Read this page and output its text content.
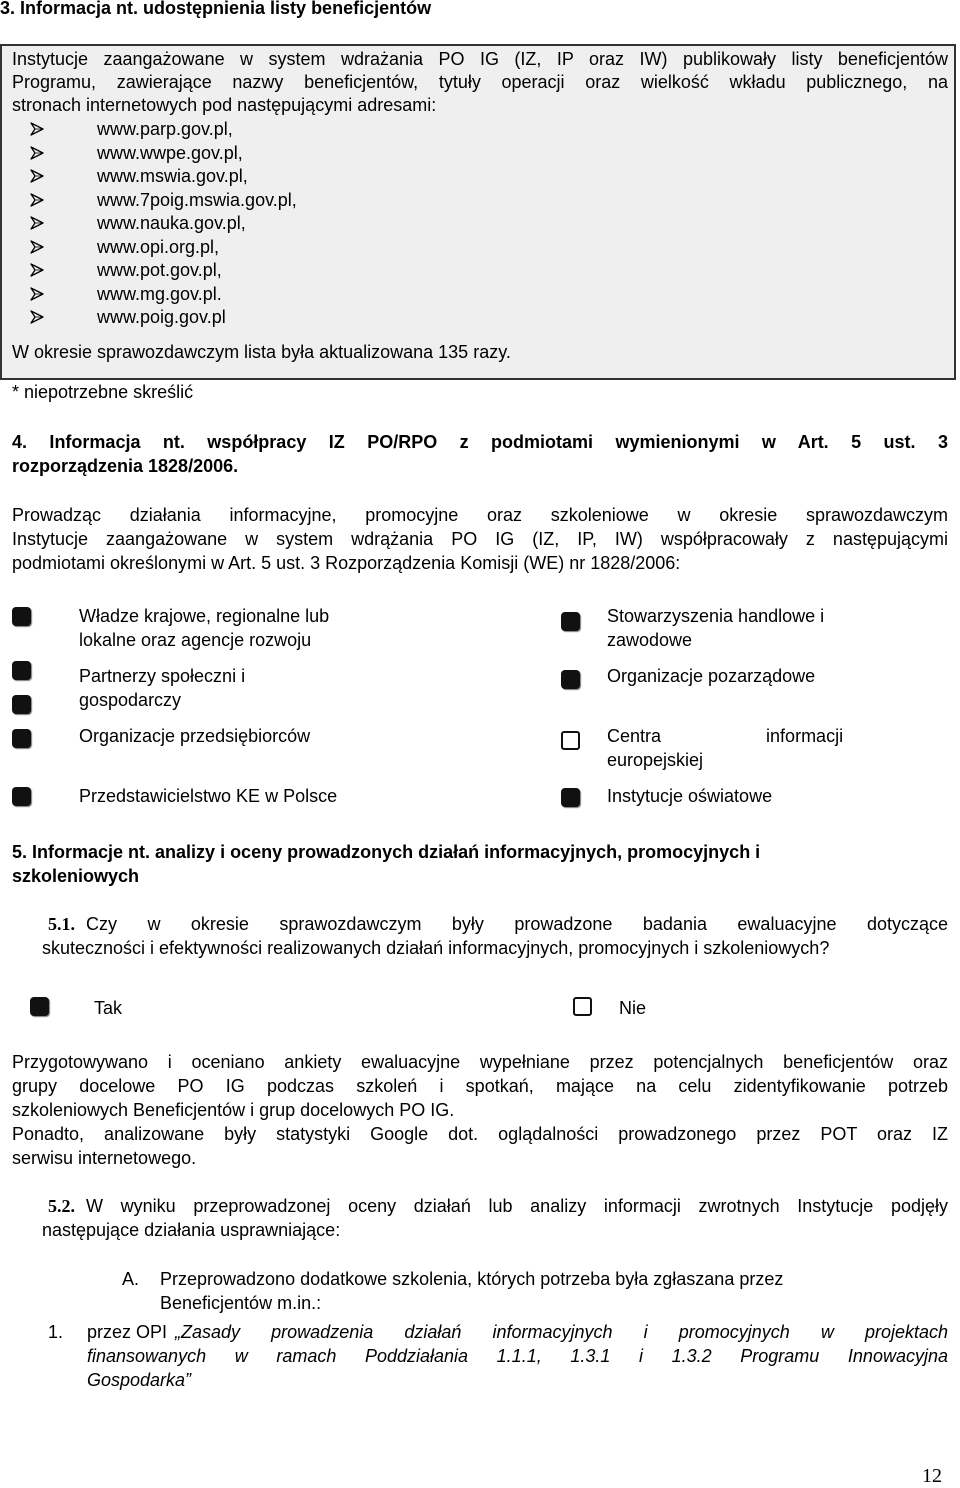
3. Informacja nt. udostępnienia listy beneficjentów
Instytucje zaangażowane w system wdrażania PO IG (IZ, IP oraz IW) publikowały listy beneficjentów
Programu, zawierające nazwy beneficjentów, tytuły operacji oraz wielkość wkładu publicznego, na
stronach internetowych pod następującymi adresami:
www.parp.gov.pl,
www.wwpe.gov.pl,
www.mswia.gov.pl,
www.7poig.mswia.gov.pl,
www.nauka.gov.pl,
www.opi.org.pl,
www.pot.gov.pl,
www.mg.gov.pl.
www.poig.gov.pl
W okresie sprawozdawczym lista była aktualizowana 135 razy.
* niepotrzebne skreślić
4. Informacja nt. współpracy IZ PO/RPO z podmiotami wymienionymi w Art. 5 ust. 3
rozporządzenia 1828/2006.
Prowadząc działania informacyjne, promocyjne oraz szkoleniowe w okresie sprawozdawczym
Instytucje zaangażowane w system wdrążania PO IG (IZ, IP, IW) współpracowały z następującymi
podmiotami określonymi w Art. 5 ust. 3 Rozporządzenia Komisji (WE) nr 1828/2006:
Władze krajowe, regionalne lub
lokalne oraz agencje rozwoju
Partnerzy społeczni i
gospodarczy
Organizacje przedsiębiorców
Przedstawicielstwo KE w Polsce
Stowarzyszenia handlowe i
zawodowe
Organizacje pozarządowe
Centra                     informacji
europejskiej
Instytucje oświatowe
5. Informacje nt. analizy i oceny prowadzonych działań informacyjnych, promocyjnych i
szkoleniowych
5.1. Czy w okresie sprawozdawczym były prowadzone badania ewaluacyjne dotyczące
skuteczności i efektywności realizowanych działań informacyjnych, promocyjnych i szkoleniowych?
Tak	Nie
Przygotowywano i oceniano ankiety ewaluacyjne wypełniane przez potencjalnych beneficjentów oraz
grupy docelowe PO IG podczas szkoleń i spotkań, mające na celu zidentyfikowanie potrzeb
szkoleniowych Beneficjentów i grup docelowych PO IG.
Ponadto, analizowane były statystyki Google dot. oglądalności prowadzonego przez POT oraz IZ
serwisu internetowego.
5.2. W wyniku przeprowadzonej oceny działań lub analizy informacji zwrotnych Instytucje podjęły
następujące działania usprawniające:
A. Przeprowadzono dodatkowe szkolenia, których potrzeba była zgłaszana przez
Beneficjentów m.in.:
1. przez OPI „Zasady prowadzenia działań informacyjnych i promocyjnych w projektach
finansowanych w ramach Poddziałania 1.1.1, 1.3.1 i 1.3.2 Programu Innowacyjna
Gospodarka”
12
